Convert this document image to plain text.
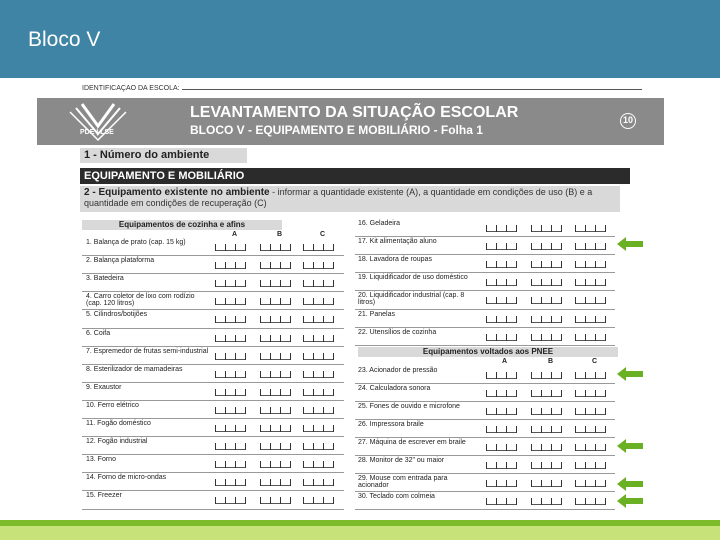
Bloco V
IDENTIFICAÇÃO DA ESCOLA:
PDE | LSE
LEVANTAMENTO DA SITUAÇÃO ESCOLAR
BLOCO V - EQUIPAMENTO E MOBILIÁRIO - Folha 1
10
1 - Número do ambiente
EQUIPAMENTO E MOBILIÁRIO
2 - Equipamento existente no ambiente - informar a quantidade existente (A), a quantidade em condições de uso (B) e a quantidade em condições de recuperação (C)
Equipamentos de cozinha e afins
A	B	C
1. Balança de prato (cap. 15 kg)
2. Balança plataforma
3. Batedeira
4. Carro coletor de lixo com rodízio (cap. 120 litros)
5. Cilindros/botijões
6. Coifa
7. Espremedor de frutas semi-industrial
8. Esterilizador de mamadeiras
9. Exaustor
10. Ferro elétrico
11. Fogão doméstico
12. Fogão industrial
13. Forno
14. Forno de micro-ondas
15. Freezer
16. Geladeira
17. Kit alimentação aluno
18. Lavadora de roupas
19. Liquidificador de uso doméstico
20. Liquidificador industrial (cap. 8 litros)
21. Panelas
22. Utensílios de cozinha
Equipamentos voltados aos PNEE
A	B	C
23. Acionador de pressão
24. Calculadora sonora
25. Fones de ouvido e microfone
26. Impressora braile
27. Máquina de escrever em braile
28. Monitor de 32" ou maior
29. Mouse com entrada para acionador
30. Teclado com colmeia
